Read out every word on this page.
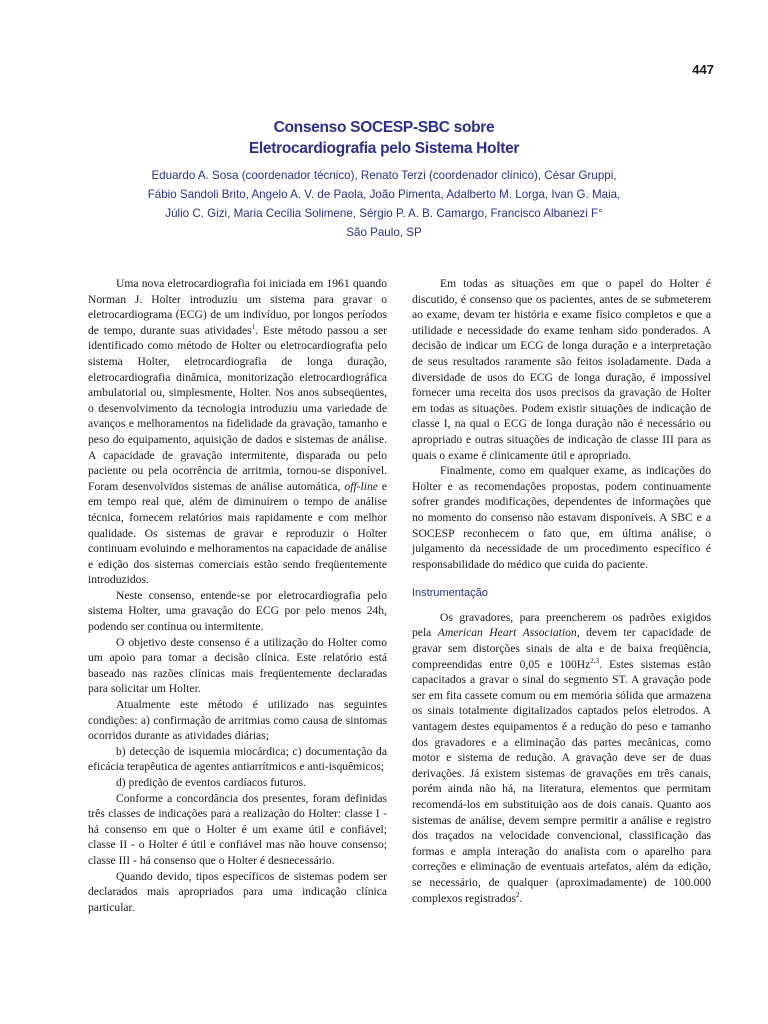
447
Consenso SOCESP-SBC sobre
Eletrocardiografia pelo Sistema Holter
Eduardo A. Sosa (coordenador técnico), Renato Terzi (coordenador clínico), César Gruppi,
Fábio Sandoli Brito, Angelo A. V. de Paola, João Pimenta, Adalberto M. Lorga, Ivan G. Maia,
Júlio C. Gizi, Maria Cecília Solimene, Sérgio P. A. B. Camargo, Francisco Albanezi F°
São Paulo, SP

Uma nova eletrocardiografia foi iniciada em 1961 quando Norman J. Holter introduziu um sistema para gravar o eletrocardiograma (ECG) de um indivíduo, por longos períodos de tempo, durante suas atividades$^1$. Este método passou a ser identificado como método de Holter ou eletrocardiografia pelo sistema Holter, eletrocardiografia de longa duração, eletrocardiografia dinâmica, monitorização eletrocardiográfica ambulatorial ou, simplesmente, Holter. Nos anos subseqüentes, o desenvolvimento da tecnologia introduziu uma variedade de avanços e melhoramentos na fidelidade da gravação, tamanho e peso do equipamento, aquisição de dados e sistemas de análise. A capacidade de gravação intermitente, disparada ou pelo paciente ou pela ocorrência de arritmia, tornou-se disponível. Foram desenvolvidos sistemas de análise automática, off-line e em tempo real que, além de diminuírem o tempo de análise técnica, fornecem relatórios mais rapidamente e com melhor qualidade. Os sistemas de gravar e reproduzir o Holter continuam evoluindo e melhoramentos na capacidade de análise e edição dos sistemas comerciais estão sendo freqüentemente introduzidos.

Neste consenso, entende-se por eletrocardiografia pelo sistema Holter, uma gravação do ECG por pelo menos 24h, podendo ser contínua ou intermitente.

O objetivo deste consenso é a utilização do Holter como um apoio para tomar a decisão clínica. Este relatório está baseado nas razões clínicas mais freqüentemente declaradas para solicitar um Holter.

Atualmente este método é utilizado nas seguintes condições: a) confirmação de arritmias como causa de sintomas ocorridos durante as atividades diárias;

b) detecção de isquemia miocárdica; c) documentação da eficácia terapêutica de agentes antiarrítmicos e anti-isquêmicos;

d) predição de eventos cardíacos futuros.

Conforme a concordância dos presentes, foram definidas três classes de indicações para a realização do Holter: classe I - há consenso em que o Holter é um exame útil e confiável; classe II - o Holter é útil e confiável mas não houve consenso; classe III - há consenso que o Holter é desnecessário.

Quando devido, tipos específicos de sistemas podem ser declarados mais apropriados para uma indicação clínica particular.

Em todas as situações em que o papel do Holter é discutido, é consenso que os pacientes, antes de se submeterem ao exame, devam ter história e exame físico completos e que a utilidade e necessidade do exame tenham sido ponderados. A decisão de indicar um ECG de longa duração e a interpretação de seus resultados raramente são feitos isoladamente. Dada a diversidade de usos do ECG de longa duração, é impossível fornecer uma receita dos usos precisos da gravação de Holter em todas as situações. Podem existir situações de indicação de classe I, na qual o ECG de longa duração não é necessário ou apropriado e outras situações de indicação de classe III para as quais o exame é clinicamente útil e apropriado.

Finalmente, como em qualquer exame, as indicações do Holter e as recomendações propostas, podem continuamente sofrer grandes modificações, dependentes de informações que no momento do consenso não estavam disponíveis. A SBC e a SOCESP reconhecem o fato que, em última análise, o julgamento da necessidade de um procedimento específico é responsabilidade do médico que cuida do paciente.

Instrumentação

Os gravadores, para preencherem os padrões exigidos pela American Heart Association, devem ter capacidade de gravar sem distorções sinais de alta e de baixa freqüência, compreendidas entre 0,05 e 100Hz$^{2,3}$. Estes sistemas estão capacitados a gravar o sinal do segmento ST. A gravação pode ser em fita cassete comum ou em memória sólida que armazena os sinais totalmente digitalizados captados pelos eletrodos. A vantagem destes equipamentos é a redução do peso e tamanho dos gravadores e a eliminação das partes mecânicas, como motor e sistema de redução. A gravação deve ser de duas derivações. Já existem sistemas de gravações em três canais, porém ainda não há, na literatura, elementos que permitam recomendá-los em substituição aos de dois canais. Quanto aos sistemas de análise, devem sempre permitir a análise e registro dos traçados na velocidade convencional, classificação das formas e ampla interação do analista com o aparelho para correções e eliminação de eventuais artefatos, além da edição, se necessário, de qualquer (aproximadamente) de 100.000 complexos registrados$^2$.
